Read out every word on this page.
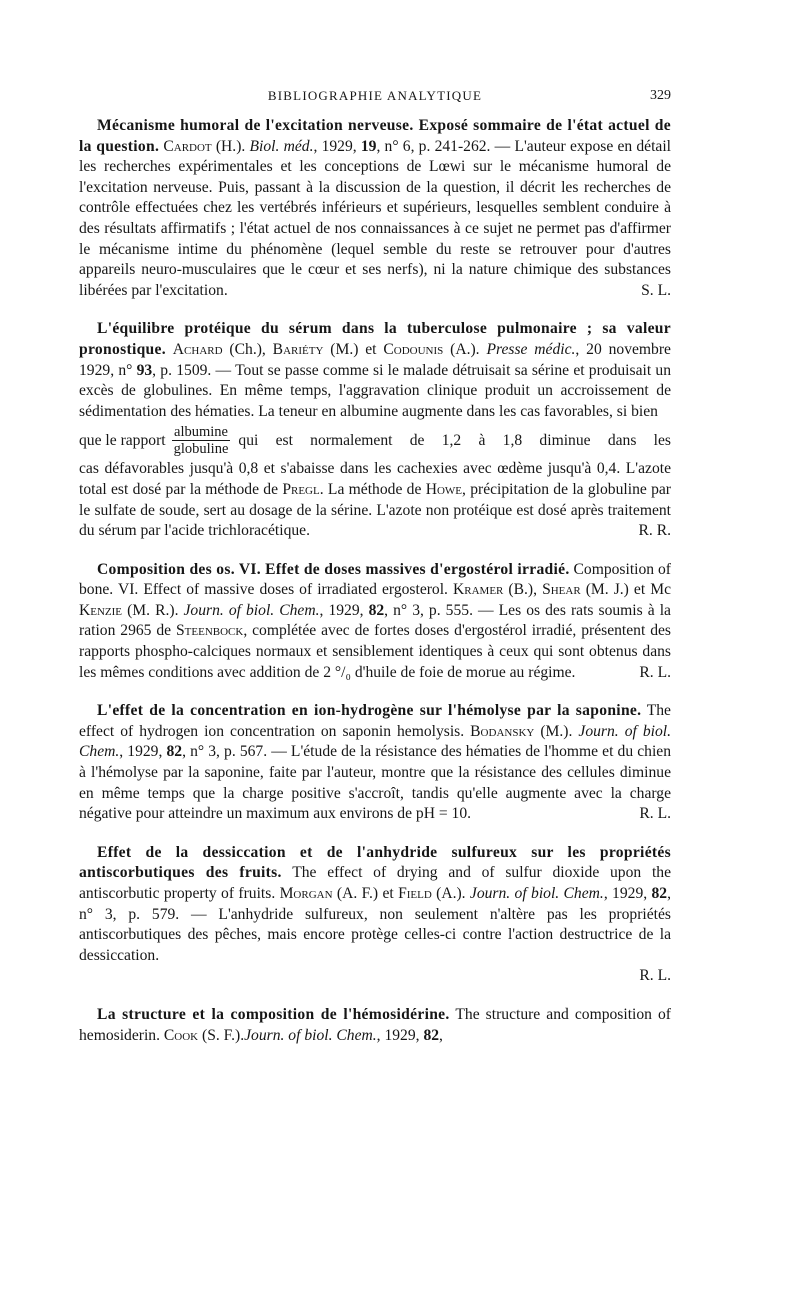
BIBLIOGRAPHIE ANALYTIQUE	329

Mécanisme humoral de l'excitation nerveuse. Exposé sommaire de l'état actuel de la question. Cardot (H.). Biol. méd., 1929, 19, n° 6, p. 241-262. — L'auteur expose en détail les recherches expérimentales et les conceptions de Lœwi sur le mécanisme humoral de l'excitation nerveuse. Puis, passant à la discussion de la question, il décrit les recherches de contrôle effectuées chez les vertébrés inférieurs et supérieurs, lesquelles semblent conduire à des résultats affirmatifs ; l'état actuel de nos connaissances à ce sujet ne permet pas d'affirmer le mécanisme intime du phénomène (lequel semble du reste se retrouver pour d'autres appareils neuro-musculaires que le cœur et ses nerfs), ni la nature chimique des substances libérées par l'excitation.	S. L.

L'équilibre protéique du sérum dans la tuberculose pulmonaire ; sa valeur pronostique. Achard (Ch.), Bariéty (M.) et Codounis (A.). Presse médic., 20 novembre 1929, n° 93, p. 1509. — Tout se passe comme si le malade détruisait sa sérine et produisait un excès de globulines. En même temps, l'aggravation clinique produit un accroissement de sédimentation des hématies. La teneur en albumine augmente dans les cas favorables, si bien
que le rapport $\frac{\text{albumine}}{\text{globuline}}$ qui est normalement de 1,2 à 1,8 diminue dans les
cas défavorables jusqu'à 0,8 et s'abaisse dans les cachexies avec œdème jusqu'à 0,4. L'azote total est dosé par la méthode de Pregl. La méthode de Howe, précipitation de la globuline par le sulfate de soude, sert au dosage de la sérine. L'azote non protéique est dosé après traitement du sérum par l'acide trichloracétique.	R. R.

Composition des os. VI. Effet de doses massives d'ergostérol irradié. Composition of bone. VI. Effect of massive doses of irradiated ergosterol. Kramer (B.), Shear (M. J.) et Mc Kenzie (M. R.). Journ. of biol. Chem., 1929, 82, n° 3, p. 555. — Les os des rats soumis à la ration 2965 de Steenbock, complétée avec de fortes doses d'ergostérol irradié, présentent des rapports phospho-calciques normaux et sensiblement identiques à ceux qui sont obtenus dans les mêmes conditions avec addition de 2 °/₀ d'huile de foie de morue au régime.	R. L.

L'effet de la concentration en ion-hydrogène sur l'hémolyse par la saponine. The effect of hydrogen ion concentration on saponin hemolysis. Bodansky (M.). Journ. of biol. Chem., 1929, 82, n° 3, p. 567. — L'étude de la résistance des hématies de l'homme et du chien à l'hémolyse par la saponine, faite par l'auteur, montre que la résistance des cellules diminue en même temps que la charge positive s'accroît, tandis qu'elle augmente avec la charge négative pour atteindre un maximum aux environs de pH = 10.	R. L.

Effet de la dessiccation et de l'anhydride sulfureux sur les propriétés antiscorbutiques des fruits. The effect of drying and of sulfur dioxide upon the antiscorbutic property of fruits. Morgan (A. F.) et Field (A.). Journ. of biol. Chem., 1929, 82, n° 3, p. 579. — L'anhydride sulfureux, non seulement n'altère pas les propriétés antiscorbutiques des pêches, mais encore protège celles-ci contre l'action destructrice de la dessiccation.
R. L.

La structure et la composition de l'hémosidérine. The structure and composition of hemosiderin. Cook (S. F.).Journ. of biol. Chem., 1929, 82,
